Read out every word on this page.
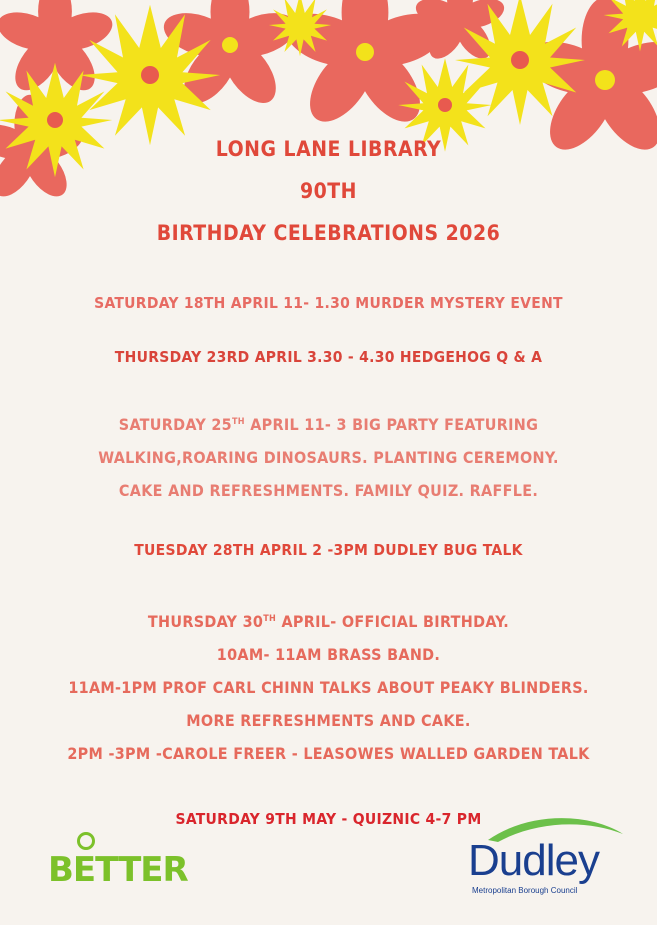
LONG LANE LIBRARY
90TH
BIRTHDAY CELEBRATIONS 2026
SATURDAY 18TH APRIL 11- 1.30 MURDER MYSTERY EVENT
THURSDAY 23RD APRIL 3.30 - 4.30 HEDGEHOG Q & A
SATURDAY 25TH APRIL 11- 3 BIG PARTY FEATURING
WALKING,ROARING DINOSAURS. PLANTING CEREMONY.
CAKE AND REFRESHMENTS. FAMILY QUIZ. RAFFLE.
TUESDAY 28TH APRIL 2 -3PM DUDLEY BUG TALK
THURSDAY 30TH APRIL- OFFICIAL BIRTHDAY.
10AM- 11AM BRASS BAND.
11AM-1PM PROF CARL CHINN TALKS ABOUT PEAKY BLINDERS.
MORE REFRESHMENTS AND CAKE.
2PM -3PM -CAROLE FREER - LEASOWES WALLED GARDEN TALK
SATURDAY 9TH MAY - QUIZNIC 4-7 PM
BETTER	Dudley
Metropolitan Borough Council
